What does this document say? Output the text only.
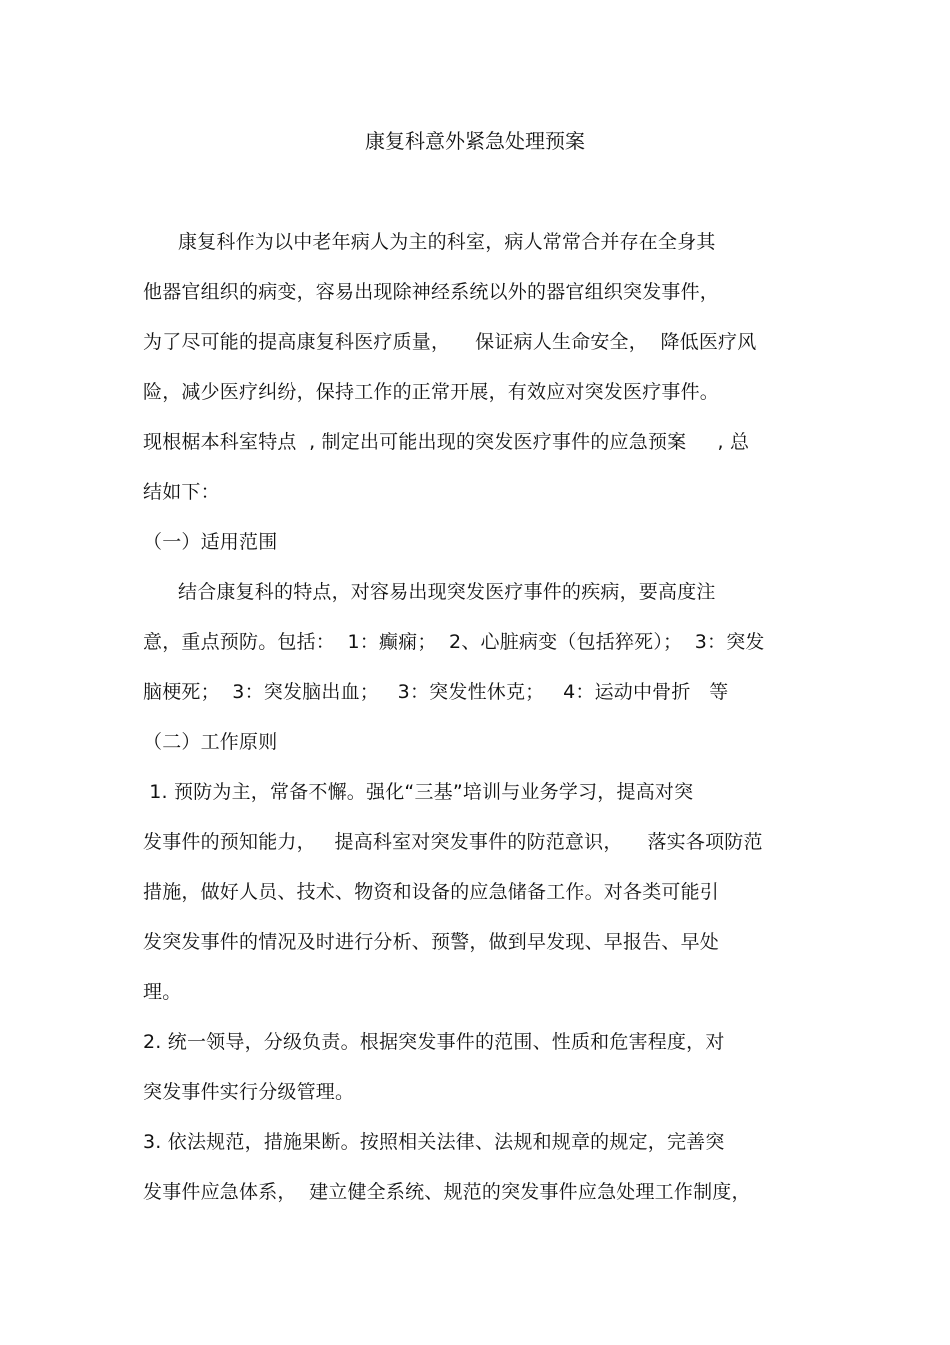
康复科意外紧急处理预案
康复科作为以中老年病人为主的科室，病人常常合并存在全身其
他器官组织的病变，容易出现除神经系统以外的器官组织突发事件，
为了尽可能的提高康复科医疗质量，    保证病人生命安全，  降低医疗风
险，减少医疗纠纷，保持工作的正常开展，有效应对突发医疗事件。
现根椐本科室特点  , 制定出可能出现的突发医疗事件的应急预案     , 总
结如下：
（一）适用范围
结合康复科的特点，对容易出现突发医疗事件的疾病，要高度注
意，重点预防。包括：  1：癫痫；  2、心脏病变（包括猝死）；  3：突发
脑梗死；  3：突发脑出血；   3：突发性休克；   4：运动中骨折   等
（二）工作原则
1. 预防为主，常备不懈。强化“三基”培训与业务学习，提高对突
发事件的预知能力，   提高科室对突发事件的防范意识，    落实各项防范
措施，做好人员、技术、物资和设备的应急储备工作。对各类可能引
发突发事件的情况及时进行分析、预警，做到早发现、早报告、早处
理。
2. 统一领导，分级负责。根据突发事件的范围、性质和危害程度，对
突发事件实行分级管理。
3. 依法规范，措施果断。按照相关法律、法规和规章的规定，完善突
发事件应急体系，  建立健全系统、规范的突发事件应急处理工作制度，
